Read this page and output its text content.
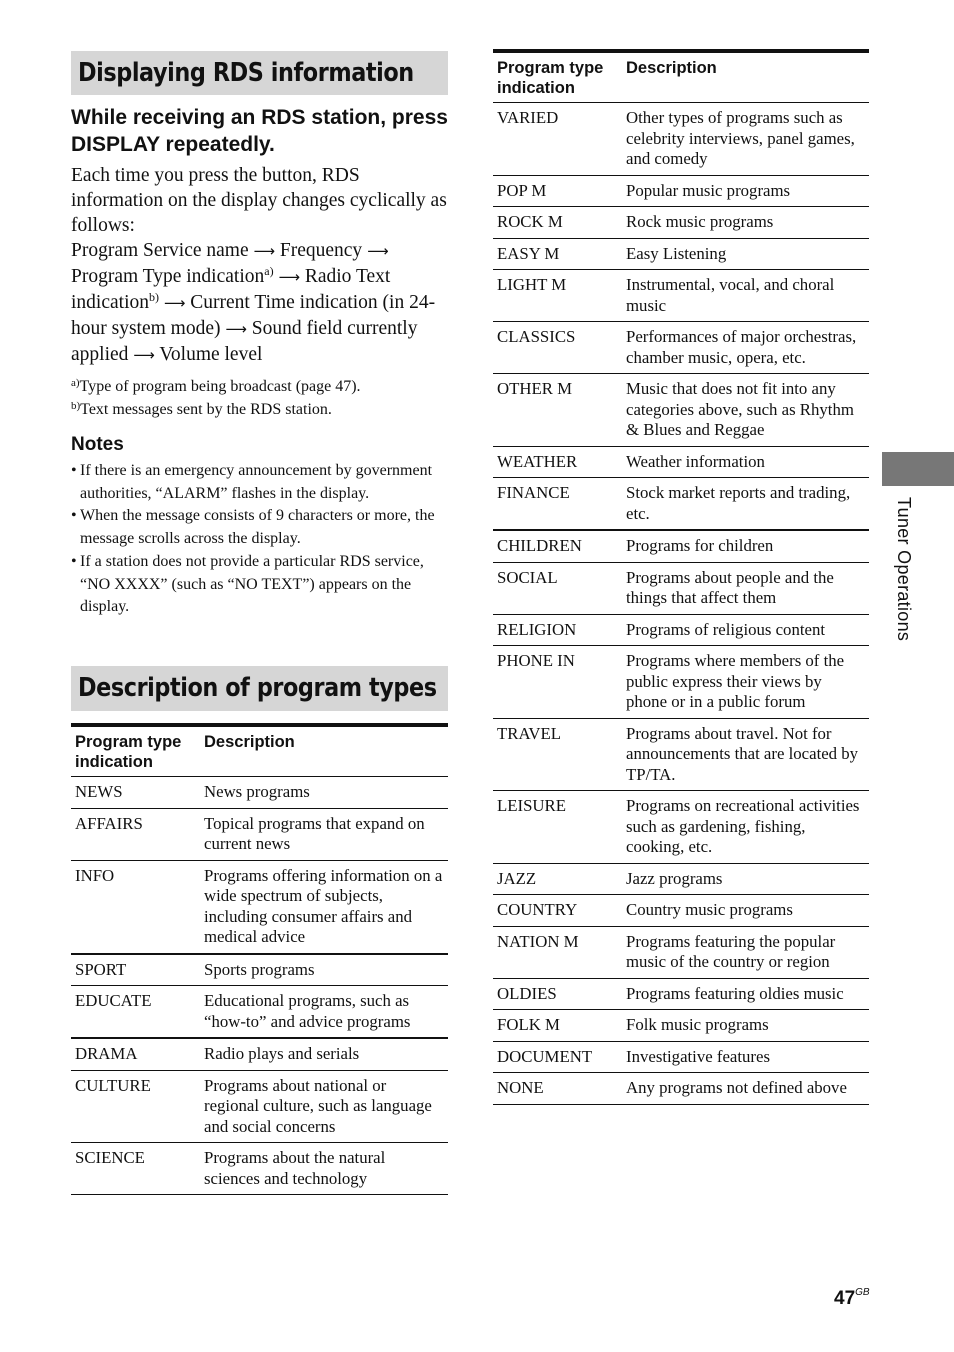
Displaying RDS information
While receiving an RDS station, press DISPLAY repeatedly.

Each time you press the button, RDS information on the display changes cyclically as follows:

Program Service name ⟶ Frequency ⟶ Program Type indication$^{a)}$ ⟶ Radio Text indication$^{b)}$ ⟶ Current Time indication (in 24-hour system mode) ⟶ Sound field currently applied ⟶ Volume level

$^{a)}$Type of program being broadcast (page 47).
$^{b)}$Text messages sent by the RDS station.
Notes
• If there is an emergency announcement by government authorities, “ALARM” flashes in the display.
• When the message consists of 9 characters or more, the message scrolls across the display.
• If a station does not provide a particular RDS service, “NO XXXX” (such as “NO TEXT”) appears on the display.
Description of program types
Program type indication	Description
NEWS	News programs
AFFAIRS	Topical programs that expand on current news
INFO	Programs offering information on a wide spectrum of subjects, including consumer affairs and medical advice
SPORT	Sports programs
EDUCATE	Educational programs, such as “how-to” and advice programs
DRAMA	Radio plays and serials
CULTURE	Programs about national or regional culture, such as language and social concerns
SCIENCE	Programs about the natural sciences and technology
Program type indication	Description
VARIED	Other types of programs such as celebrity interviews, panel games, and comedy
POP M	Popular music programs
ROCK M	Rock music programs
EASY M	Easy Listening
LIGHT M	Instrumental, vocal, and choral music
CLASSICS	Performances of major orchestras, chamber music, opera, etc.
OTHER M	Music that does not fit into any categories above, such as Rhythm & Blues and Reggae
WEATHER	Weather information
FINANCE	Stock market reports and trading, etc.
CHILDREN	Programs for children
SOCIAL	Programs about people and the things that affect them
RELIGION	Programs of religious content
PHONE IN	Programs where members of the public express their views by phone or in a public forum
TRAVEL	Programs about travel. Not for announcements that are located by TP/TA.
LEISURE	Programs on recreational activities such as gardening, fishing, cooking, etc.
JAZZ	Jazz programs
COUNTRY	Country music programs
NATION M	Programs featuring the popular music of the country or region
OLDIES	Programs featuring oldies music
FOLK M	Folk music programs
DOCUMENT	Investigative features
NONE	Any programs not defined above
Tuner Operations
$47^{GB}$
